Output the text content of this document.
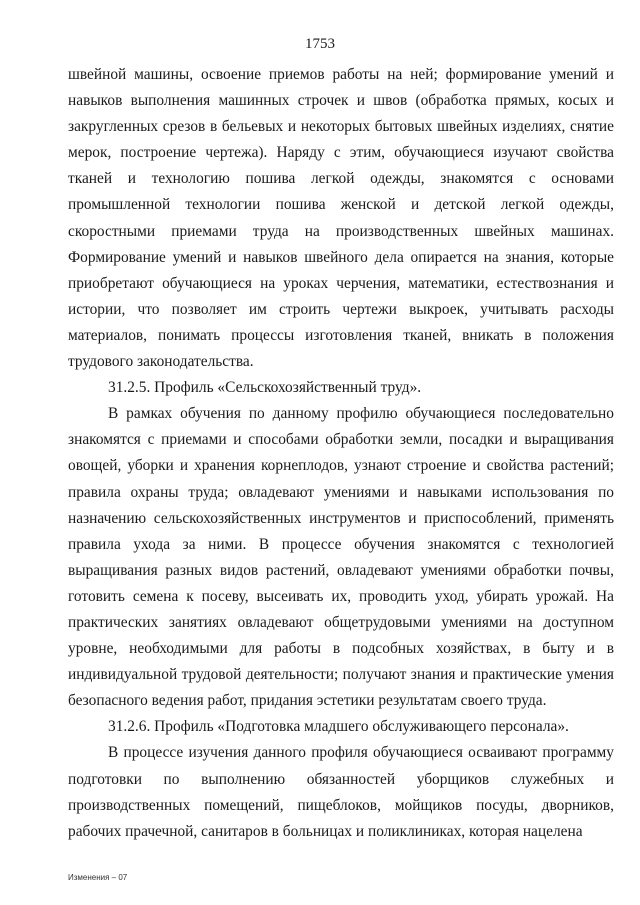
1753

швейной машины, освоение приемов работы на ней; формирование умений и навыков выполнения машинных строчек и швов (обработка прямых, косых и закругленных срезов в бельевых и некоторых бытовых швейных изделиях, снятие мерок, построение чертежа). Наряду с этим, обучающиеся изучают свойства тканей и технологию пошива легкой одежды, знакомятся с основами промышленной технологии пошива женской и детской легкой одежды, скоростными приемами труда на производственных швейных машинах. Формирование умений и навыков швейного дела опирается на знания, которые приобретают обучающиеся на уроках черчения, математики, естествознания и истории, что позволяет им строить чертежи выкроек, учитывать расходы материалов, понимать процессы изготовления тканей, вникать в положения трудового законодательства.

31.2.5. Профиль «Сельскохозяйственный труд».

В рамках обучения по данному профилю обучающиеся последовательно знакомятся с приемами и способами обработки земли, посадки и выращивания овощей, уборки и хранения корнеплодов, узнают строение и свойства растений; правила охраны труда; овладевают умениями и навыками использования по назначению сельскохозяйственных инструментов и приспособлений, применять правила ухода за ними. В процессе обучения знакомятся с технологией выращивания разных видов растений, овладевают умениями обработки почвы, готовить семена к посеву, высеивать их, проводить уход, убирать урожай. На практических занятиях овладевают общетрудовыми умениями на доступном уровне, необходимыми для работы в подсобных хозяйствах, в быту и в индивидуальной трудовой деятельности; получают знания и практические умения безопасного ведения работ, придания эстетики результатам своего труда.

31.2.6. Профиль «Подготовка младшего обслуживающего персонала».

В процессе изучения данного профиля обучающиеся осваивают программу подготовки по выполнению обязанностей уборщиков служебных и производственных помещений, пищеблоков, мойщиков посуды, дворников, рабочих прачечной, санитаров в больницах и поликлиниках, которая нацелена

Изменения – 07
